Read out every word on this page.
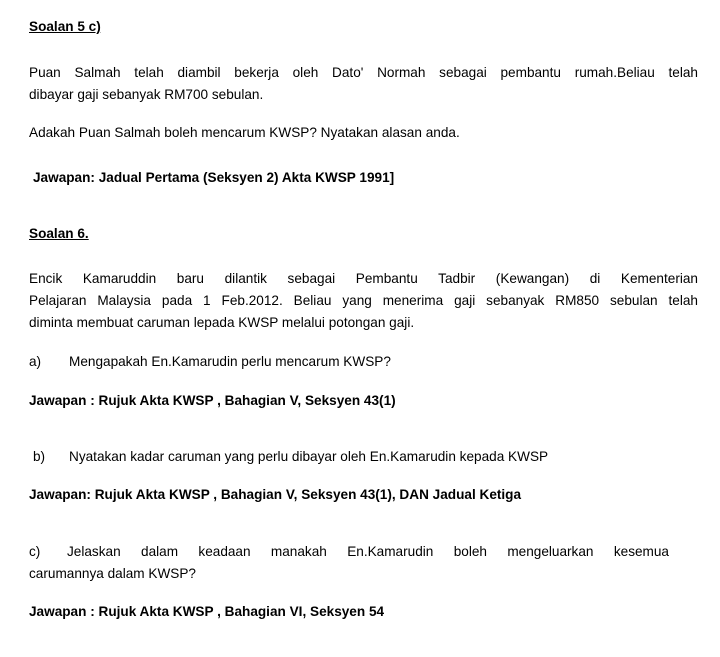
Soalan 5 c)
Puan Salmah telah diambil bekerja oleh Dato' Normah sebagai pembantu rumah.Beliau telah
dibayar gaji sebanyak RM700 sebulan.
Adakah Puan Salmah boleh mencarum KWSP? Nyatakan alasan anda.
Jawapan: Jadual Pertama (Seksyen 2) Akta KWSP 1991]
Soalan 6.
Encik Kamaruddin baru dilantik sebagai Pembantu Tadbir (Kewangan) di Kementerian
Pelajaran Malaysia pada 1 Feb.2012. Beliau yang menerima gaji sebanyak RM850 sebulan telah
diminta membuat caruman lepada KWSP melalui potongan gaji.
a) Mengapakah En.Kamarudin perlu mencarum KWSP?
Jawapan : Rujuk Akta KWSP , Bahagian V, Seksyen 43(1)
b) Nyatakan kadar caruman yang perlu dibayar oleh En.Kamarudin kepada KWSP
Jawapan: Rujuk Akta KWSP , Bahagian V, Seksyen 43(1), DAN Jadual Ketiga
c) Jelaskan dalam keadaan manakah En.Kamarudin boleh mengeluarkan kesemua
carumannya dalam KWSP?
Jawapan : Rujuk Akta KWSP , Bahagian VI, Seksyen 54
